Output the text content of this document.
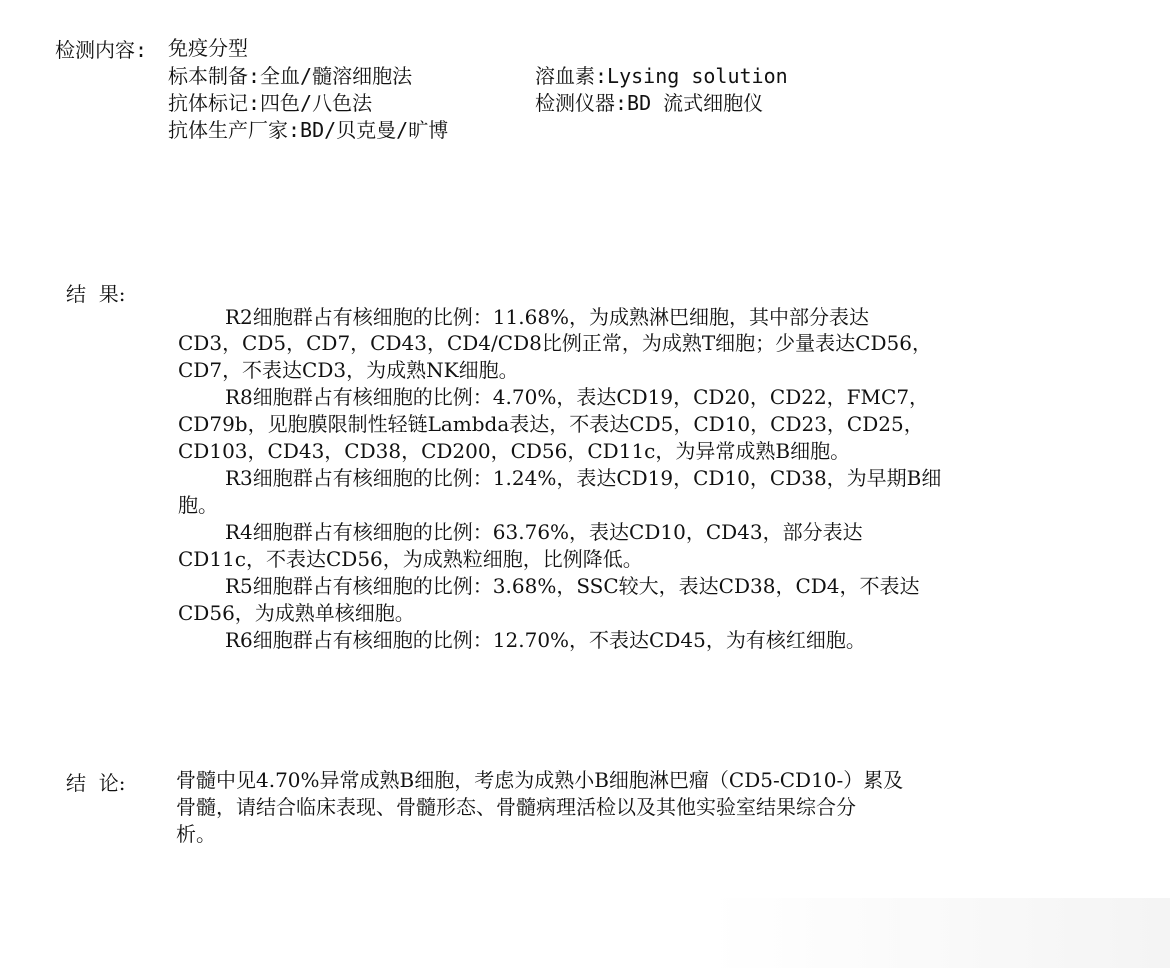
检测内容: 免疫分型
标本制备:全血/髓溶细胞法	溶血素:Lysing solution
抗体标记:四色/八色法	检测仪器:BD 流式细胞仪
抗体生产厂家:BD/贝克曼/旷博
结  果:
R2细胞群占有核细胞的比例：11.68%，为成熟淋巴细胞，其中部分表达
CD3，CD5，CD7，CD43，CD4/CD8比例正常，为成熟T细胞；少量表达CD56，
CD7，不表达CD3，为成熟NK细胞。
R8细胞群占有核细胞的比例：4.70%，表达CD19，CD20，CD22，FMC7，
CD79b，见胞膜限制性轻链Lambda表达，不表达CD5，CD10，CD23，CD25，
CD103，CD43，CD38，CD200，CD56，CD11c，为异常成熟B细胞。
R3细胞群占有核细胞的比例：1.24%，表达CD19，CD10，CD38，为早期B细
胞。
R4细胞群占有核细胞的比例：63.76%，表达CD10，CD43，部分表达
CD11c，不表达CD56，为成熟粒细胞，比例降低。
R5细胞群占有核细胞的比例：3.68%，SSC较大，表达CD38，CD4，不表达
CD56，为成熟单核细胞。
R6细胞群占有核细胞的比例：12.70%，不表达CD45，为有核红细胞。
结  论:	骨髓中见4.70%异常成熟B细胞，考虑为成熟小B细胞淋巴瘤（CD5-CD10-）累及
骨髓，请结合临床表现、骨髓形态、骨髓病理活检以及其他实验室结果综合分
析。
